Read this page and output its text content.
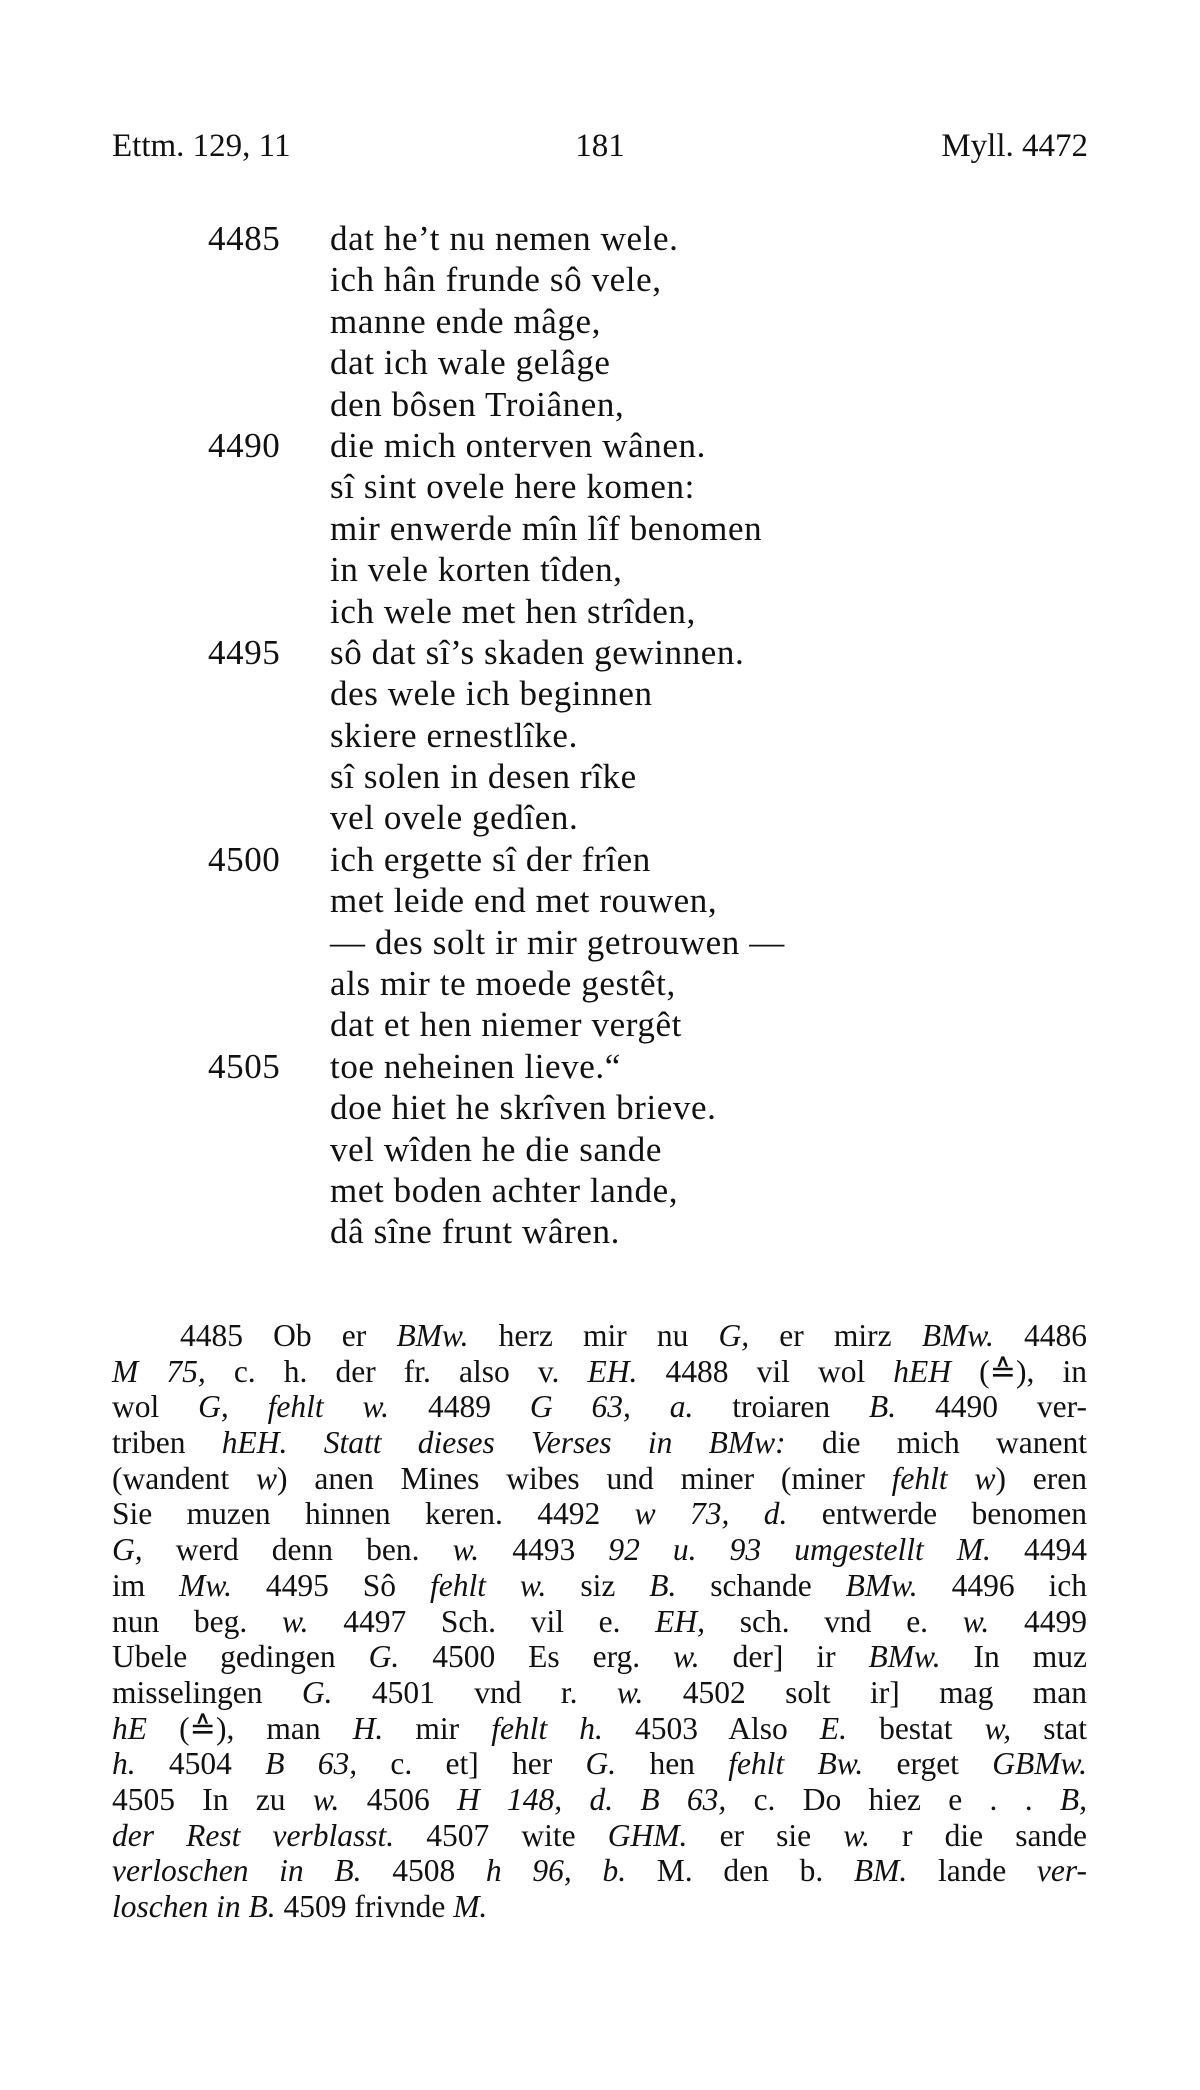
Ettm. 129, 11	181	Myll. 4472
4485 dat he’t nu nemen wele.
ich hân frunde sô vele,
manne ende mâge,
dat ich wale gelâge
den bôsen Troiânen,
4490 die mich onterven wânen.
sî sint ovele here komen:
mir enwerde mîn lîf benomen
in vele korten tîden,
ich wele met hen strîden,
4495 sô dat sî’s skaden gewinnen.
des wele ich beginnen
skiere ernestlîke.
sî solen in desen rîke
vel ovele gedîen.
4500 ich ergette sî der frîen
met leide end met rouwen,
— des solt ir mir getrouwen —
als mir te moede gestêt,
dat et hen niemer vergêt
4505 toe neheinen lieve.“
doe hiet he skrîven brieve.
vel wîden he die sande
met boden achter lande,
dâ sîne frunt wâren.
4485 Ob er BMw. herz mir nu G, er mirz BMw. 4486
M 75, c. h. der fr. also v. EH. 4488 vil wol hEH (≙), in
wol G, fehlt w. 4489 G 63, a. troiaren B. 4490 ver-
triben hEH. Statt dieses Verses in BMw: die mich wanent
(wandent w) anen Mines wibes und miner (miner fehlt w) eren
Sie muzen hinnen keren. 4492 w 73, d. entwerde benomen
G, werd denn ben. w. 4493 92 u. 93 umgestellt M. 4494
im Mw. 4495 Sô fehlt w. siz B. schande BMw. 4496 ich
nun beg. w. 4497 Sch. vil e. EH, sch. vnd e. w. 4499
Ubele gedingen G. 4500 Es erg. w. der] ir BMw. In muz
misselingen G. 4501 vnd r. w. 4502 solt ir] mag man
hE (≙), man H. mir fehlt h. 4503 Also E. bestat w, stat
h. 4504 B 63, c. et] her G. hen fehlt Bw. erget GBMw.
4505 In zu w. 4506 H 148, d. B 63, c. Do hiez e . . B,
der Rest verblasst. 4507 wite GHM. er sie w. r die sande
verloschen in B. 4508 h 96, b. M. den b. BM. lande ver-
loschen in B. 4509 frivnde M.
